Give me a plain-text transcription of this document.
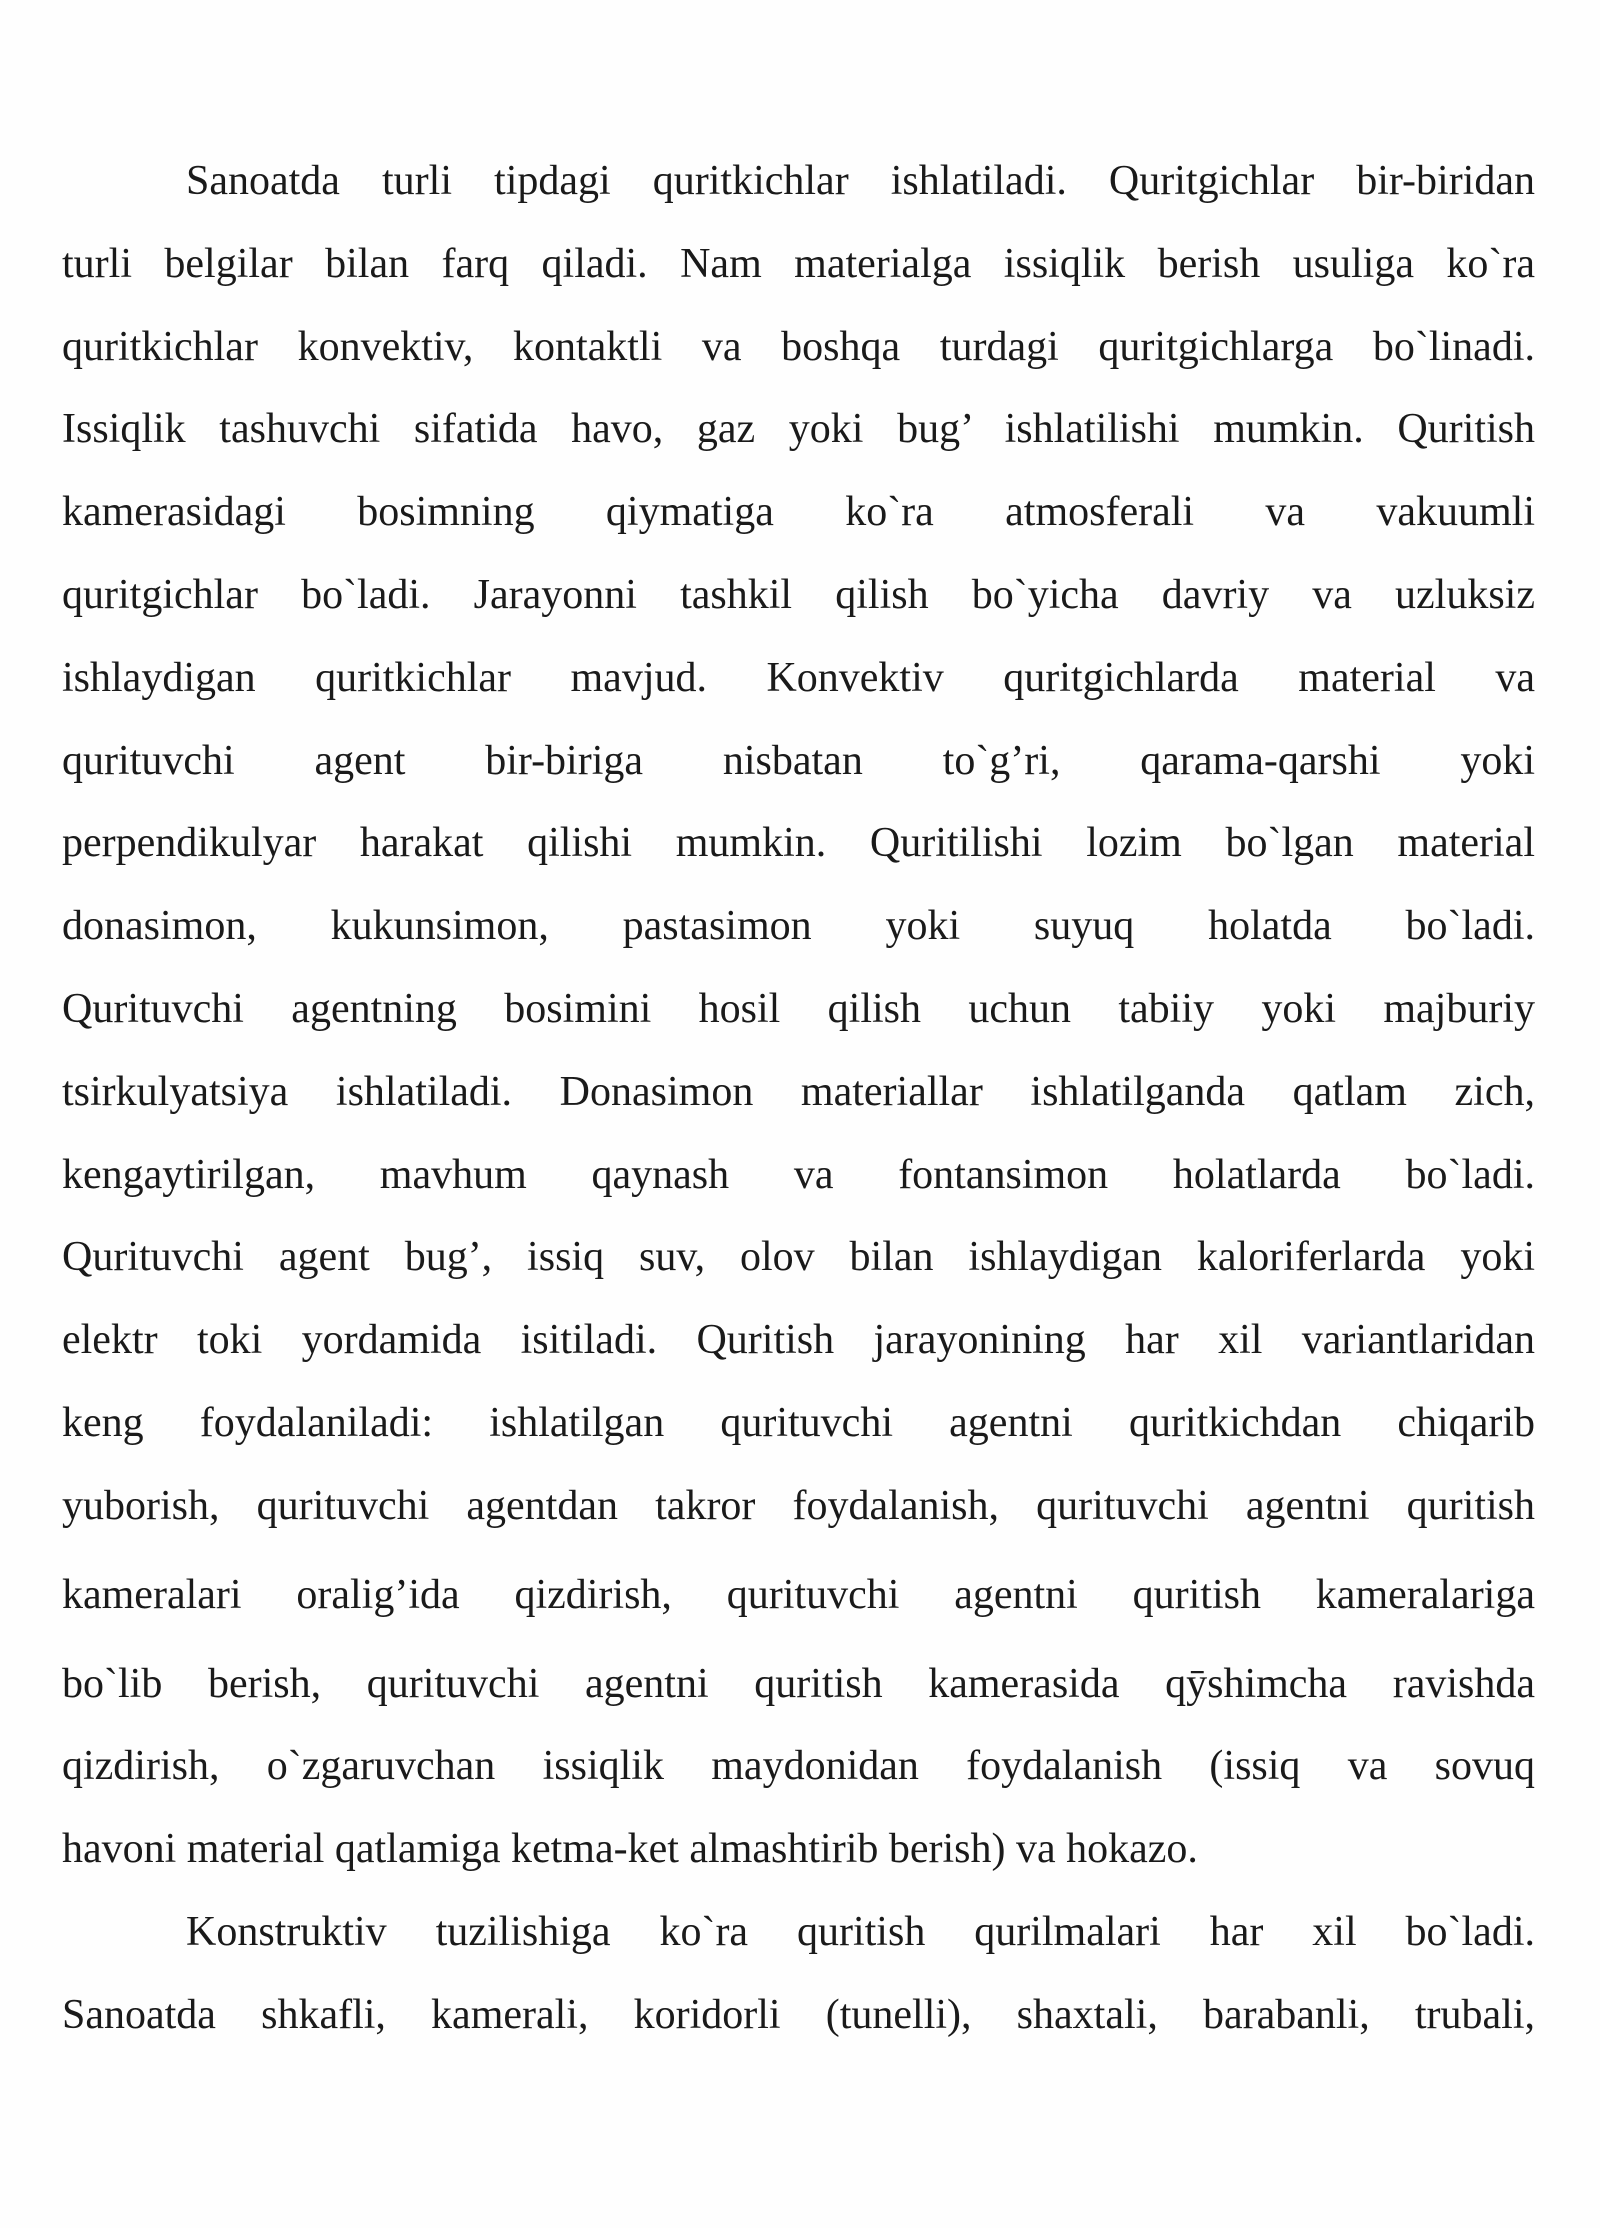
Sanoatda turli tipdagi quritkichlar ishlatiladi. Quritgichlar bir-biridan
turli belgilar bilan farq qiladi. Nam materialga issiqlik berish usuliga ko`ra
quritkichlar konvektiv, kontaktli va boshqa turdagi quritgichlarga bo`linadi.
Issiqlik tashuvchi sifatida havo, gaz yoki bug’ ishlatilishi mumkin. Quritish
kamerasidagi bosimning qiymatiga ko`ra atmosferali va vakuumli
quritgichlar bo`ladi. Jarayonni tashkil qilish bo`yicha davriy va uzluksiz
ishlaydigan quritkichlar mavjud. Konvektiv quritgichlarda material va
qurituvchi agent bir-biriga nisbatan to`g’ri, qarama-qarshi yoki
perpendikulyar harakat qilishi mumkin. Quritilishi lozim bo`lgan material
donasimon, kukunsimon, pastasimon yoki suyuq holatda bo`ladi.
Qurituvchi agentning bosimini hosil qilish uchun tabiiy yoki majburiy
tsirkulyatsiya ishlatiladi. Donasimon materiallar ishlatilganda qatlam zich,
kengaytirilgan, mavhum qaynash va fontansimon holatlarda bo`ladi.
Qurituvchi agent bug’, issiq suv, olov bilan ishlaydigan kaloriferlarda yoki
elektr toki yordamida isitiladi. Quritish jarayonining har xil variantlaridan
keng foydalaniladi: ishlatilgan qurituvchi agentni quritkichdan chiqarib
yuborish, qurituvchi agentdan takror foydalanish, qurituvchi agentni quritish
kameralari oralig’ida qizdirish, qurituvchi agentni quritish kameralariga
bo`lib berish, qurituvchi agentni quritish kamerasida qӯshimcha ravishda
qizdirish, o`zgaruvchan issiqlik maydonidan foydalanish (issiq va sovuq
havoni material qatlamiga ketma-ket almashtirib berish) va hokazo.
Konstruktiv tuzilishiga ko`ra quritish qurilmalari har xil bo`ladi.
Sanoatda shkafli, kamerali, koridorli (tunelli), shaxtali, barabanli, trubali,
